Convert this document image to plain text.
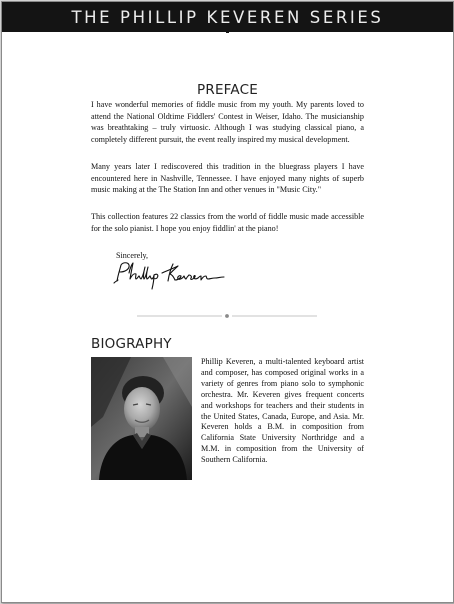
THE PHILLIP KEVEREN SERIES
PREFACE

I have wonderful memories of fiddle music from my youth. My parents loved to attend the National Oldtime Fiddlers' Contest in Weiser, Idaho. The musicianship was breathtaking – truly virtuosic. Although I was studying classical piano, a completely different pursuit, the event really inspired my musical development.

Many years later I rediscovered this tradition in the bluegrass players I have encountered here in Nashville, Tennessee. I have enjoyed many nights of superb music making at the The Station Inn and other venues in "Music City."

This collection features 22 classics from the world of fiddle music made accessible for the solo pianist. I hope you enjoy fiddlin' at the piano!

Sincerely,
BIOGRAPHY

Phillip Keveren, a multi-talented keyboard artist and composer, has composed original works in a variety of genres from piano solo to symphonic orchestra. Mr. Keveren gives frequent concerts and workshops for teachers and their students in the United States, Canada, Europe, and Asia. Mr. Keveren holds a B.M. in composition from California State University Northridge and a M.M. in composition from the University of Southern California.
